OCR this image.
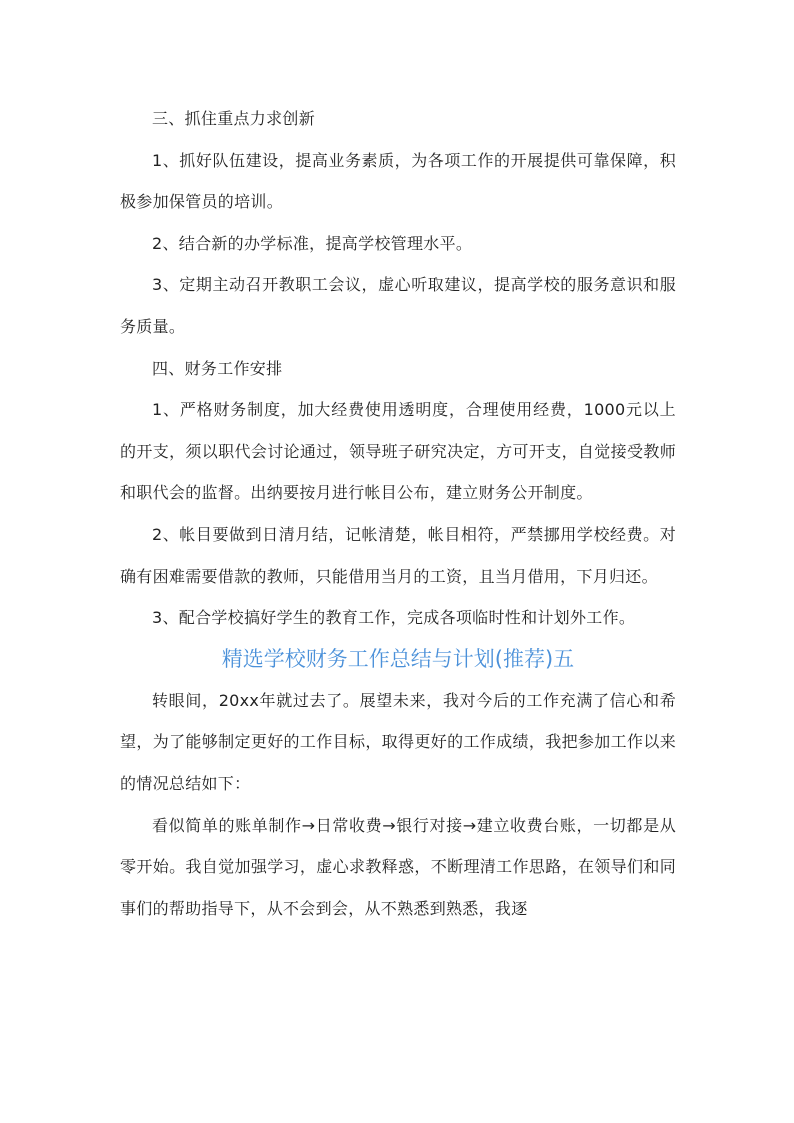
三、抓住重点力求创新

1、抓好队伍建设，提高业务素质，为各项工作的开展提供可靠保障，积极参加保管员的培训。

2、结合新的办学标准，提高学校管理水平。

3、定期主动召开教职工会议，虚心听取建议，提高学校的服务意识和服务质量。

四、财务工作安排

1、严格财务制度，加大经费使用透明度，合理使用经费，1000元以上的开支，须以职代会讨论通过，领导班子研究决定，方可开支，自觉接受教师和职代会的监督。出纳要按月进行帐目公布，建立财务公开制度。

2、帐目要做到日清月结，记帐清楚，帐目相符，严禁挪用学校经费。对确有困难需要借款的教师，只能借用当月的工资，且当月借用，下月归还。

3、配合学校搞好学生的教育工作，完成各项临时性和计划外工作。

精选学校财务工作总结与计划(推荐)五

转眼间，20xx年就过去了。展望未来，我对今后的工作充满了信心和希望，为了能够制定更好的工作目标，取得更好的工作成绩，我把参加工作以来的情况总结如下：

看似简单的账单制作→日常收费→银行对接→建立收费台账，一切都是从零开始。我自觉加强学习，虚心求教释惑，不断理清工作思路，在领导们和同事们的帮助指导下，从不会到会，从不熟悉到熟悉，我逐
